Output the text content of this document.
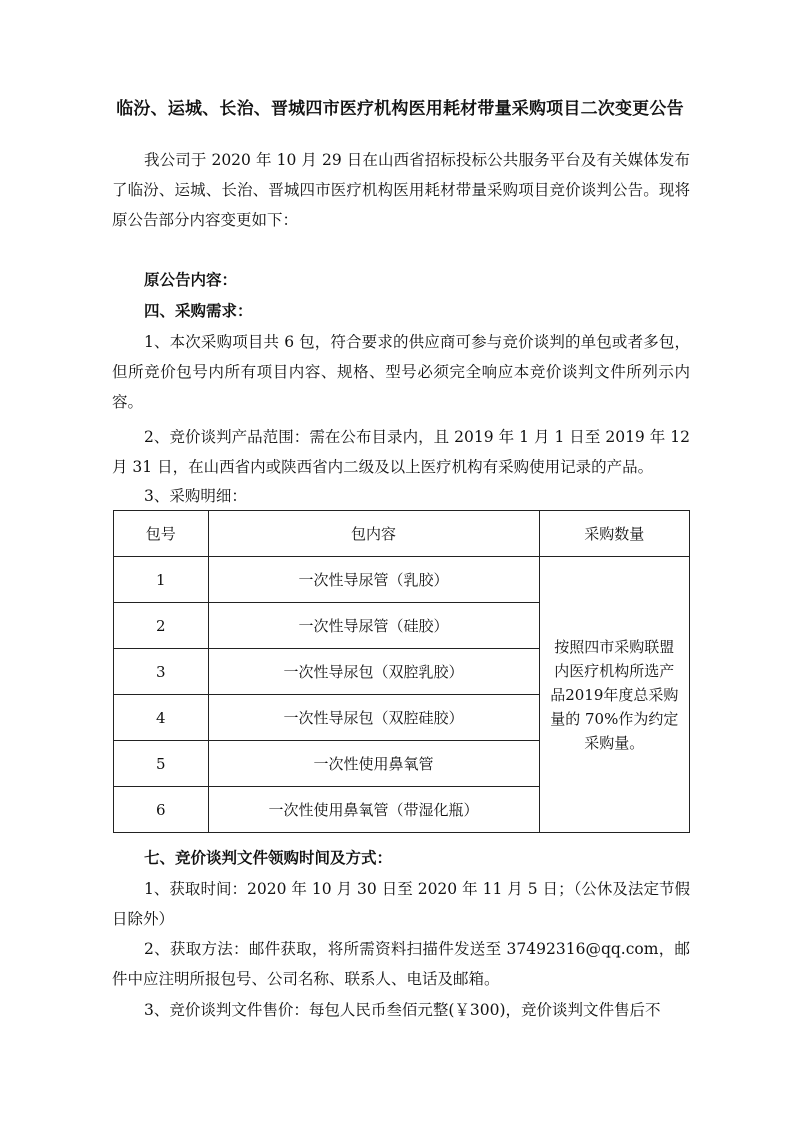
临汾、运城、长治、晋城四市医疗机构医用耗材带量采购项目二次变更公告

我公司于 2020 年 10 月 29 日在山西省招标投标公共服务平台及有关媒体发布了临汾、运城、长治、晋城四市医疗机构医用耗材带量采购项目竞价谈判公告。现将原公告部分内容变更如下：

原公告内容：
四、采购需求：

1、本次采购项目共 6 包，符合要求的供应商可参与竞价谈判的单包或者多包，但所竞价包号内所有项目内容、规格、型号必须完全响应本竞价谈判文件所列示内容。

2、竞价谈判产品范围：需在公布目录内，且 2019 年 1 月 1 日至 2019 年 12 月 31 日，在山西省内或陕西省内二级及以上医疗机构有采购使用记录的产品。

3、采购明细：
包号	包内容	采购数量
1	一次性导尿管（乳胶）	按照四市采购联盟内医疗机构所选产品2019年度总采购量的 70%作为约定采购量。
2	一次性导尿管（硅胶）	
3	一次性导尿包（双腔乳胶）	
4	一次性导尿包（双腔硅胶）	
5	一次性使用鼻氧管	
6	一次性使用鼻氧管（带湿化瓶）	
七、竞价谈判文件领购时间及方式：

1、获取时间：2020 年 10 月 30 日至 2020 年 11 月 5 日；（公休及法定节假日除外）

2、获取方法：邮件获取，将所需资料扫描件发送至 37492316@qq.com，邮件中应注明所报包号、公司名称、联系人、电话及邮箱。

3、竞价谈判文件售价：每包人民币叁佰元整(￥300)，竞价谈判文件售后不
